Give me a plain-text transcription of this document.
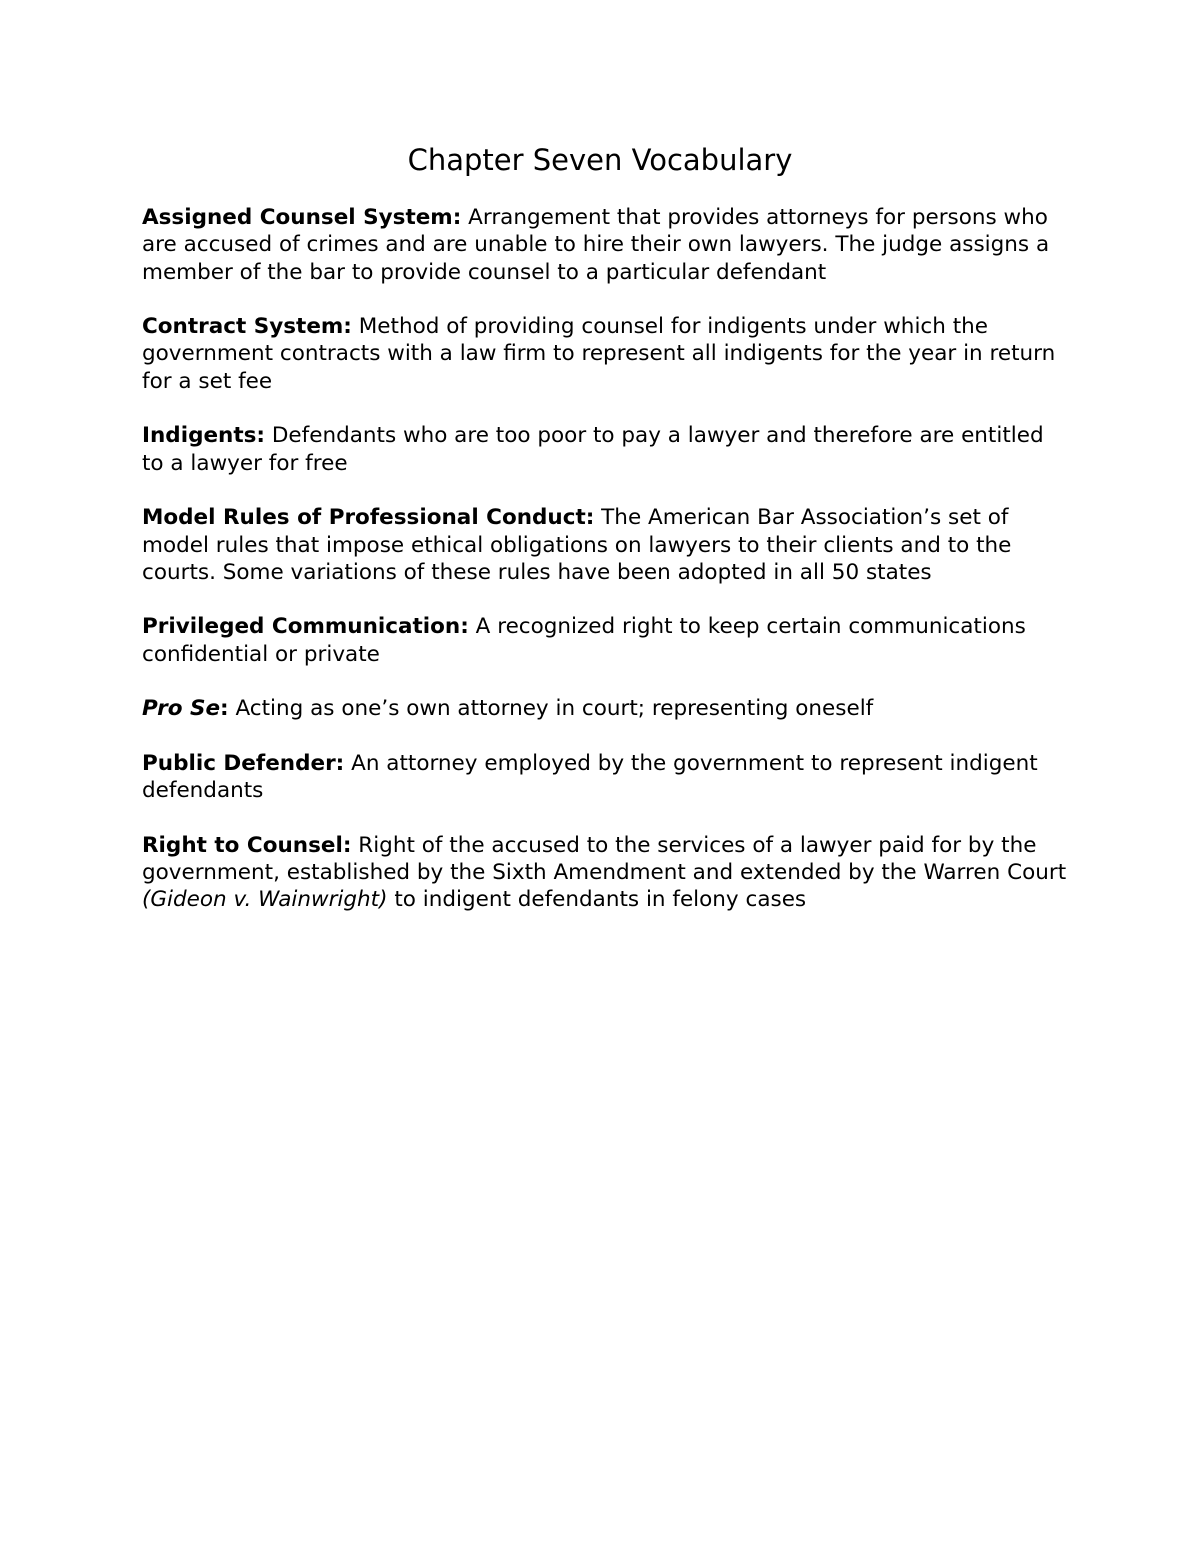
Chapter Seven Vocabulary

Assigned Counsel System: Arrangement that provides attorneys for persons who are accused of crimes and are unable to hire their own lawyers. The judge assigns a member of the bar to provide counsel to a particular defendant

Contract System: Method of providing counsel for indigents under which the government contracts with a law firm to represent all indigents for the year in return for a set fee

Indigents: Defendants who are too poor to pay a lawyer and therefore are entitled to a lawyer for free

Model Rules of Professional Conduct: The American Bar Association’s set of model rules that impose ethical obligations on lawyers to their clients and to the courts. Some variations of these rules have been adopted in all 50 states

Privileged Communication: A recognized right to keep certain communications confidential or private

Pro Se: Acting as one’s own attorney in court; representing oneself

Public Defender: An attorney employed by the government to represent indigent defendants

Right to Counsel: Right of the accused to the services of a lawyer paid for by the government, established by the Sixth Amendment and extended by the Warren Court (Gideon v. Wainwright) to indigent defendants in felony cases
